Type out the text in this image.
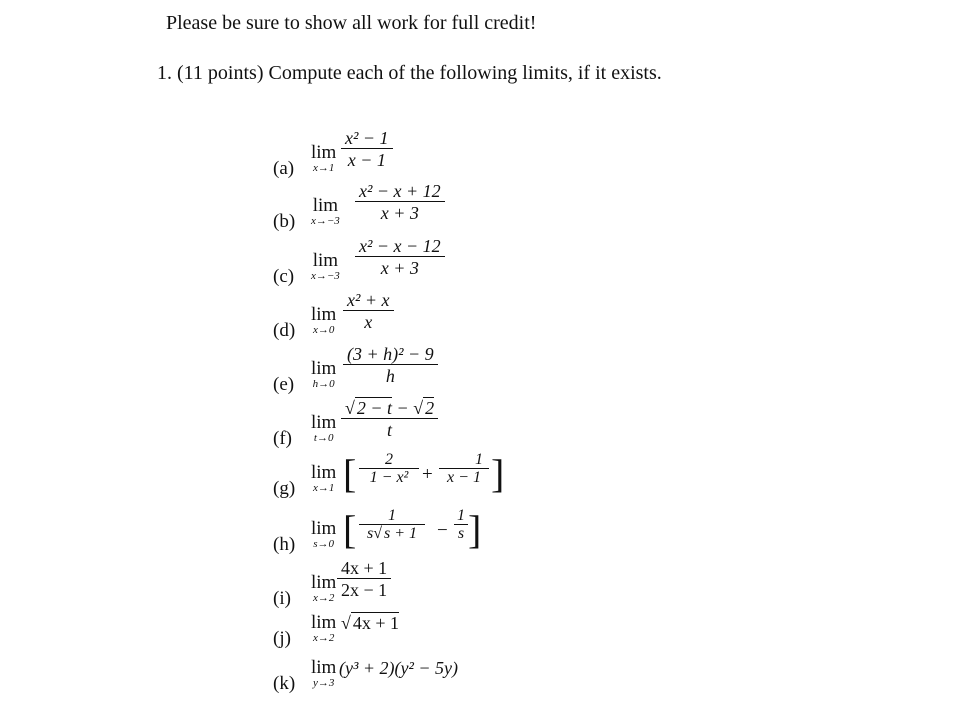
Please be sure to show all work for full credit!
1. (11 points) Compute each of the following limits, if it exists.
(a)
lim
$x\to 1 \frac{\text{x² − 1}}{x - 1}$
(b)
lim
$x\to-3 \frac{\text{x² − x + 12}}{x + 3}$
(c)
lim
$x\to-3 \frac{\text{x² − x − 12}}{x + 3}$
(d)
lim
$x\to 0 \frac{\text{x² + x}}{x}$
(e)
lim
$h\to 0 \frac{\text{(3 + h)² − 9}}{h}$
(f)
lim
$t\to 0 \frac{√ 2 - t - √ 2}{t}$
(g)
lim
x→1 [ $\frac{2}{\text{1 − x²}} + \frac{1}{x - 1}$ ]
(h)
lim
s→0 [ $\frac{1}{s√ s + 1} - \frac{1}{s}$ ]
(i)
lim
$x\to 2 \frac{4x + 1}{2x - 1}$
(j)
lim
x→2
√ 4x + 1
(k)
lim
y→3
(y³ + 2)(y² − 5y)
